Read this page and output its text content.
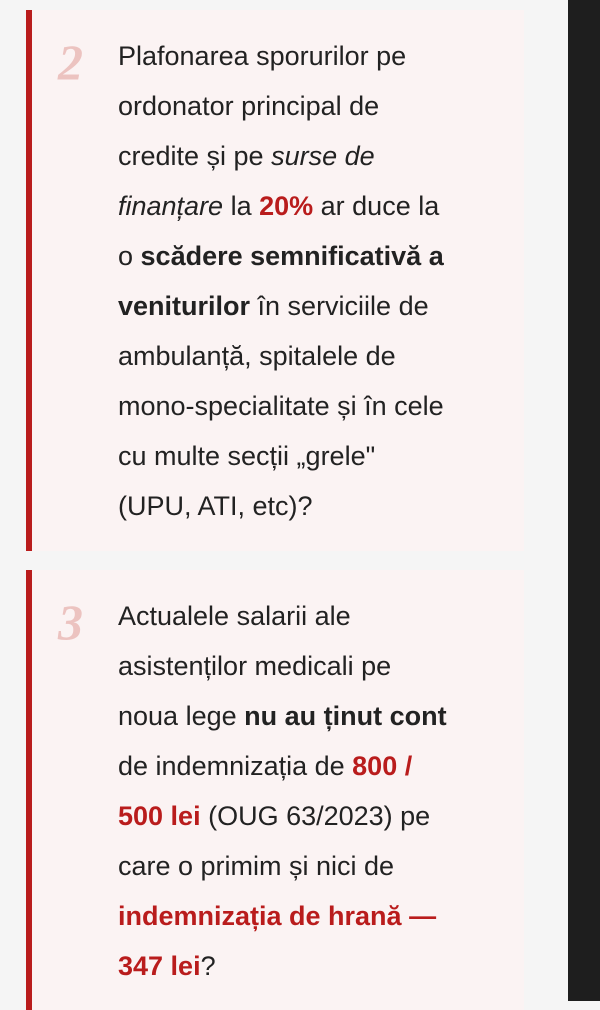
2 Plafonarea sporurilor pe
ordonator principal de
credite și pe surse de
finanțare la 20% ar duce la
o scădere semnificativă a
veniturilor în serviciile de
ambulanță, spitalele de
mono-specialitate și în cele
cu multe secții „grele"
(UPU, ATI, etc)?
3 Actualele salarii ale
asistenților medicali pe
noua lege nu au ținut cont
de indemnizația de 800 /
500 lei (OUG 63/2023) pe
care o primim și nici de
indemnizația de hrană —
347 lei?
